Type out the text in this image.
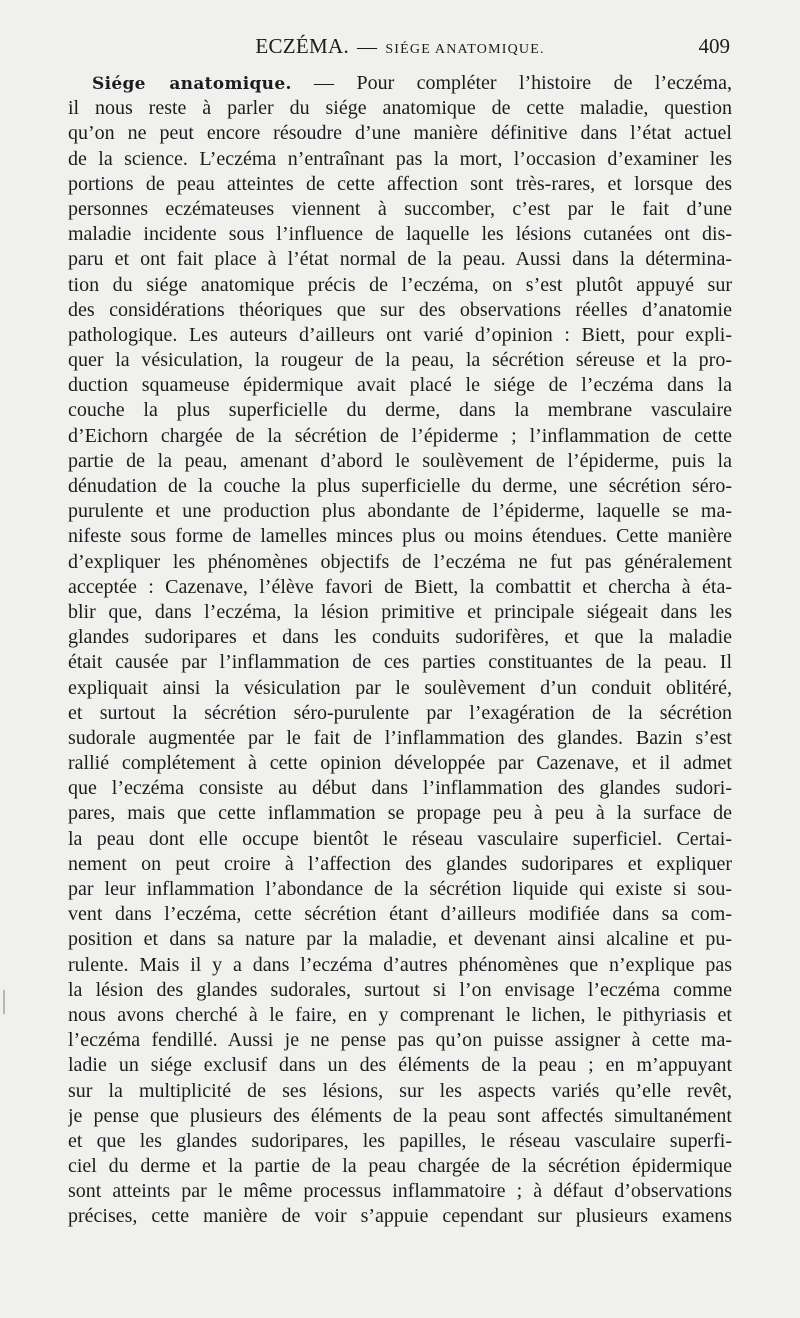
ECZÉMA. — SIÉGE ANATOMIQUE.	409
Siége anatomique. — Pour compléter l’histoire de l’eczéma,
il nous reste à parler du siége anatomique de cette maladie, question
qu’on ne peut encore résoudre d’une manière définitive dans l’état actuel
de la science. L’eczéma n’entraînant pas la mort, l’occasion d’examiner les
portions de peau atteintes de cette affection sont très-rares, et lorsque des
personnes eczémateuses viennent à succomber, c’est par le fait d’une
maladie incidente sous l’influence de laquelle les lésions cutanées ont dis-
paru et ont fait place à l’état normal de la peau. Aussi dans la détermina-
tion du siége anatomique précis de l’eczéma, on s’est plutôt appuyé sur
des considérations théoriques que sur des observations réelles d’anatomie
pathologique. Les auteurs d’ailleurs ont varié d’opinion : Biett, pour expli-
quer la vésiculation, la rougeur de la peau, la sécrétion séreuse et la pro-
duction squameuse épidermique avait placé le siége de l’eczéma dans la
couche la plus superficielle du derme, dans la membrane vasculaire
d’Eichorn chargée de la sécrétion de l’épiderme ; l’inflammation de cette
partie de la peau, amenant d’abord le soulèvement de l’épiderme, puis la
dénudation de la couche la plus superficielle du derme, une sécrétion séro-
purulente et une production plus abondante de l’épiderme, laquelle se ma-
nifeste sous forme de lamelles minces plus ou moins étendues. Cette manière
d’expliquer les phénomènes objectifs de l’eczéma ne fut pas généralement
acceptée : Cazenave, l’élève favori de Biett, la combattit et chercha à éta-
blir que, dans l’eczéma, la lésion primitive et principale siégeait dans les
glandes sudoripares et dans les conduits sudorifères, et que la maladie
était causée par l’inflammation de ces parties constituantes de la peau. Il
expliquait ainsi la vésiculation par le soulèvement d’un conduit oblitéré,
et surtout la sécrétion séro-purulente par l’exagération de la sécrétion
sudorale augmentée par le fait de l’inflammation des glandes. Bazin s’est
rallié complétement à cette opinion développée par Cazenave, et il admet
que l’eczéma consiste au début dans l’inflammation des glandes sudori-
pares, mais que cette inflammation se propage peu à peu à la surface de
la peau dont elle occupe bientôt le réseau vasculaire superficiel. Certai-
nement on peut croire à l’affection des glandes sudoripares et expliquer
par leur inflammation l’abondance de la sécrétion liquide qui existe si sou-
vent dans l’eczéma, cette sécrétion étant d’ailleurs modifiée dans sa com-
position et dans sa nature par la maladie, et devenant ainsi alcaline et pu-
rulente. Mais il y a dans l’eczéma d’autres phénomènes que n’explique pas
la lésion des glandes sudorales, surtout si l’on envisage l’eczéma comme
nous avons cherché à le faire, en y comprenant le lichen, le pithyriasis et
l’eczéma fendillé. Aussi je ne pense pas qu’on puisse assigner à cette ma-
ladie un siége exclusif dans un des éléments de la peau ; en m’appuyant
sur la multiplicité de ses lésions, sur les aspects variés qu’elle revêt,
je pense que plusieurs des éléments de la peau sont affectés simultanément
et que les glandes sudoripares, les papilles, le réseau vasculaire superfi-
ciel du derme et la partie de la peau chargée de la sécrétion épidermique
sont atteints par le même processus inflammatoire ; à défaut d’observations
précises, cette manière de voir s’appuie cependant sur plusieurs examens
